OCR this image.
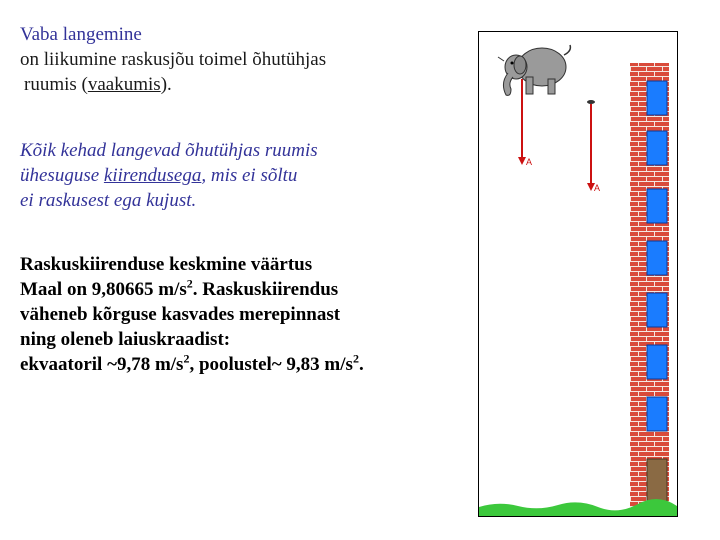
Vaba langemine
on liikumine raskusjõu toimel õhutühjas
ruumis (vaakumis).
Kõik kehad langevad õhutühjas ruumis
ühesuguse kiirendusega, mis ei sõltu
ei raskusest ega kujust.
Raskuskiirenduse keskmine väärtus
Maal on 9,80665 $m/s^2$. Raskuskiirendus
väheneb kõrguse kasvades merepinnast
ning oleneb laiuskraadist:
ekvaatoril ~9,78 $m/s^2$, poolustel~ 9,83 $m/s^2$.
A
A
